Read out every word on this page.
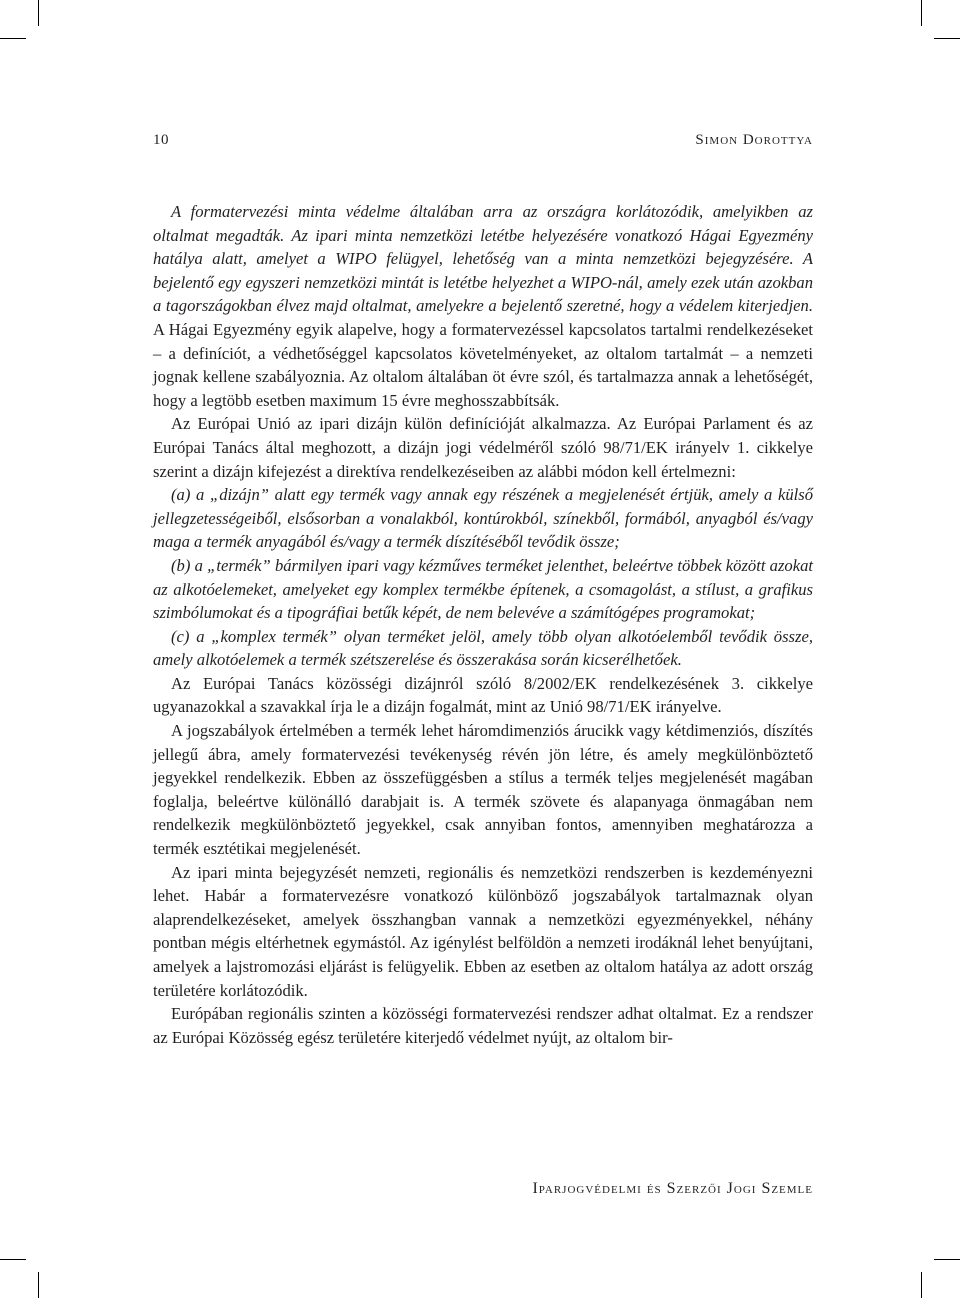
10	Simon Dorottya

A formatervezési minta védelme általában arra az országra korlátozódik, amelyikben az oltalmat megadták. Az ipari minta nemzetközi letétbe helyezésére vonatkozó Hágai Egyezmény hatálya alatt, amelyet a WIPO felügyel, lehetőség van a minta nemzetközi bejegyzésére. A bejelentő egy egyszeri nemzetközi mintát is letétbe helyezhet a WIPO-nál, amely ezek után azokban a tagországokban élvez majd oltalmat, amelyekre a bejelentő szeretné, hogy a védelem kiterjedjen. A Hágai Egyezmény egyik alapelve, hogy a formatervezéssel kapcsolatos tartalmi rendelkezéseket – a definíciót, a védhetőséggel kapcsolatos követelményeket, az oltalom tartalmát – a nemzeti jognak kellene szabályoznia. Az oltalom általában öt évre szól, és tartalmazza annak a lehetőségét, hogy a legtöbb esetben maximum 15 évre meghosszabbítsák.

Az Európai Unió az ipari dizájn külön definícióját alkalmazza. Az Európai Parlament és az Európai Tanács által meghozott, a dizájn jogi védelméről szóló 98/71/EK irányelv 1. cikkelye szerint a dizájn kifejezést a direktíva rendelkezéseiben az alábbi módon kell értelmezni:

(a) a „dizájn” alatt egy termék vagy annak egy részének a megjelenését értjük, amely a külső jellegzetességeiből, elsősorban a vonalakból, kontúrokból, színekből, formából, anyagból és/vagy maga a termék anyagából és/vagy a termék díszítéséből tevődik össze;

(b) a „termék” bármilyen ipari vagy kézműves terméket jelenthet, beleértve többek között azokat az alkotóelemeket, amelyeket egy komplex termékbe építenek, a csomagolást, a stílust, a grafikus szimbólumokat és a tipográfiai betűk képét, de nem belevéve a számítógépes programokat;

(c) a „komplex termék” olyan terméket jelöl, amely több olyan alkotóelemből tevődik össze, amely alkotóelemek a termék szétszerelése és összerakása során kicserélhetőek.

Az Európai Tanács közösségi dizájnról szóló 8/2002/EK rendelkezésének 3. cikkelye ugyanazokkal a szavakkal írja le a dizájn fogalmát, mint az Unió 98/71/EK irányelve.

A jogszabályok értelmében a termék lehet háromdimenziós árucikk vagy kétdimenziós, díszítés jellegű ábra, amely formatervezési tevékenység révén jön létre, és amely megkülönböztető jegyekkel rendelkezik. Ebben az összefüggésben a stílus a termék teljes megjelenését magában foglalja, beleértve különálló darabjait is. A termék szövete és alapanyaga önmagában nem rendelkezik megkülönböztető jegyekkel, csak annyiban fontos, amennyiben meghatározza a termék esztétikai megjelenését.

Az ipari minta bejegyzését nemzeti, regionális és nemzetközi rendszerben is kezdeményezni lehet. Habár a formatervezésre vonatkozó különböző jogszabályok tartalmaznak olyan alaprendelkezéseket, amelyek összhangban vannak a nemzetközi egyezményekkel, néhány pontban mégis eltérhetnek egymástól. Az igénylést belföldön a nemzeti irodáknál lehet benyújtani, amelyek a lajstromozási eljárást is felügyelik. Ebben az esetben az oltalom hatálya az adott ország területére korlátozódik.

Európában regionális szinten a közösségi formatervezési rendszer adhat oltalmat. Ez a rendszer az Európai Közösség egész területére kiterjedő védelmet nyújt, az oltalom bir-

Iparjogvédelmi és Szerzői Jogi Szemle
